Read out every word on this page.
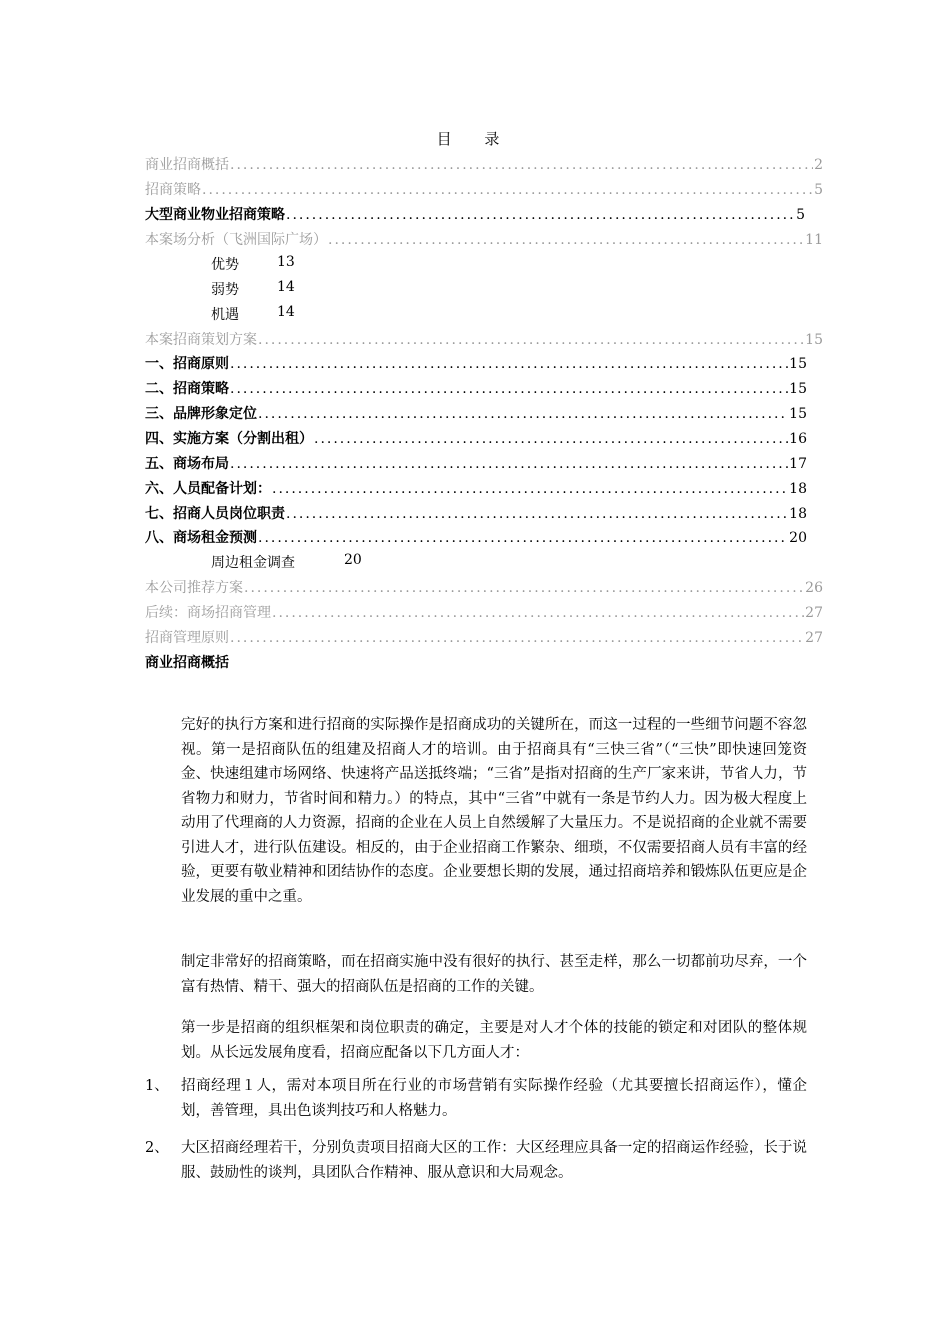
目 录
商业招商概括 .....	2
招商策略 .....	5
大型商业物业招商策略 .....	5
本案场分析（飞洲国际广场） .....	11
优势	13
弱势	14
机遇	14
本案招商策划方案 .....	15
一、招商原则 .....	15
二、招商策略 .....	15
三、品牌形象定位 .....	15
四、实施方案（分割出租） .....	16
五、商场布局 .....	17
六、人员配备计划： .....	18
七、招商人员岗位职责 .....	18
八、商场租金预测 .....	20
周边租金调查	20
本公司推荐方案 .....	26
后续：商场招商管理 .....	27
招商管理原则 .....	27
商业招商概括
完好的执行方案和进行招商的实际操作是招商成功的关键所在，而这一过程的一些细节问题不容忽视。第一是招商队伍的组建及招商人才的培训。由于招商具有“三快三省”（“三快”即快速回笼资金、快速组建市场网络、快速将产品送抵终端；“三省”是指对招商的生产厂家来讲，节省人力，节省物力和财力，节省时间和精力。）的特点，其中“三省”中就有一条是节约人力。因为极大程度上动用了代理商的人力资源，招商的企业在人员上自然缓解了大量压力。不是说招商的企业就不需要引进人才，进行队伍建设。相反的，由于企业招商工作繁杂、细琐，不仅需要招商人员有丰富的经验，更要有敬业精神和团结协作的态度。企业要想长期的发展，通过招商培养和锻炼队伍更应是企业发展的重中之重。
制定非常好的招商策略，而在招商实施中没有很好的执行、甚至走样，那么一切都前功尽弃，一个富有热情、精干、强大的招商队伍是招商的工作的关键。
第一步是招商的组织框架和岗位职责的确定，主要是对人才个体的技能的锁定和对团队的整体规划。从长远发展角度看，招商应配备以下几方面人才：
1、 招商经理１人，需对本项目所在行业的市场营销有实际操作经验（尤其要擅长招商运作），懂企划，善管理，具出色谈判技巧和人格魅力。
2、 大区招商经理若干，分别负责项目招商大区的工作：大区经理应具备一定的招商运作经验，长于说服、鼓励性的谈判，具团队合作精神、服从意识和大局观念。
